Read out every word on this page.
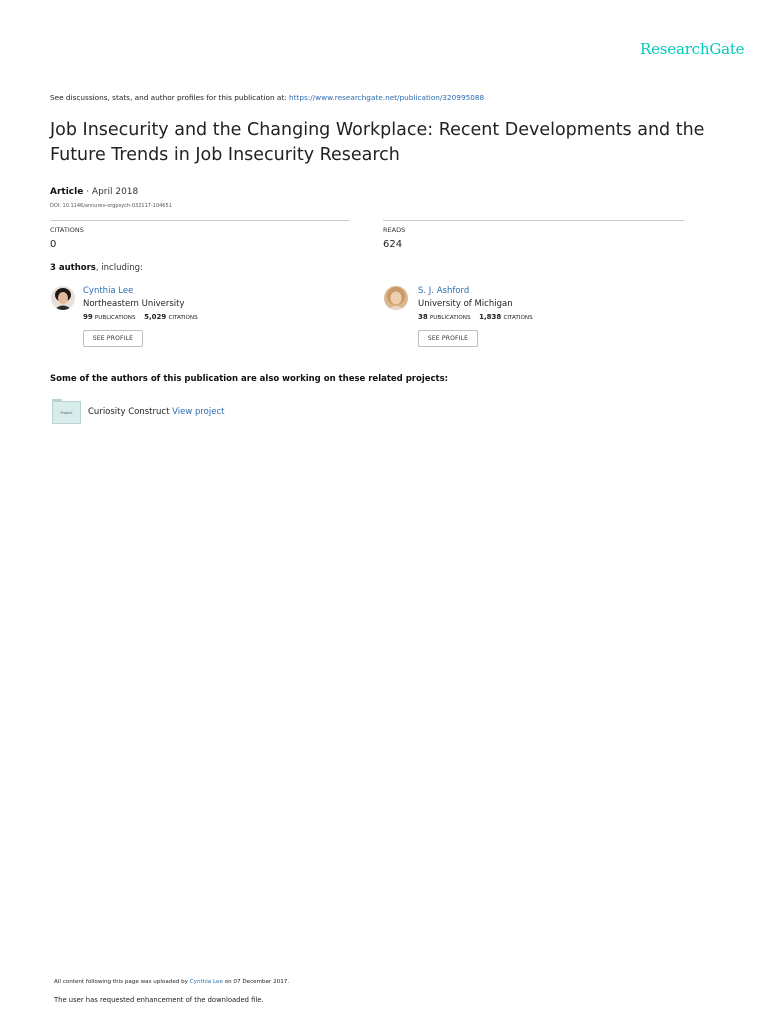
ResearchGate
See discussions, stats, and author profiles for this publication at: https://www.researchgate.net/publication/320995088
Job Insecurity and the Changing Workplace: Recent Developments and the
Future Trends in Job Insecurity Research
Article · April 2018
DOI: 10.1146/annurev-orgpsych-032117-104651
CITATIONS
0
READS
624
3 authors, including:
Cynthia Lee
Northeastern University
99 PUBLICATIONS 5,029 CITATIONS
SEE PROFILE
S. J. Ashford
University of Michigan
38 PUBLICATIONS 1,838 CITATIONS
SEE PROFILE
Some of the authors of this publication are also working on these related projects:
Project Curiosity Construct View project
All content following this page was uploaded by Cynthia Lee on 07 December 2017.
The user has requested enhancement of the downloaded file.
